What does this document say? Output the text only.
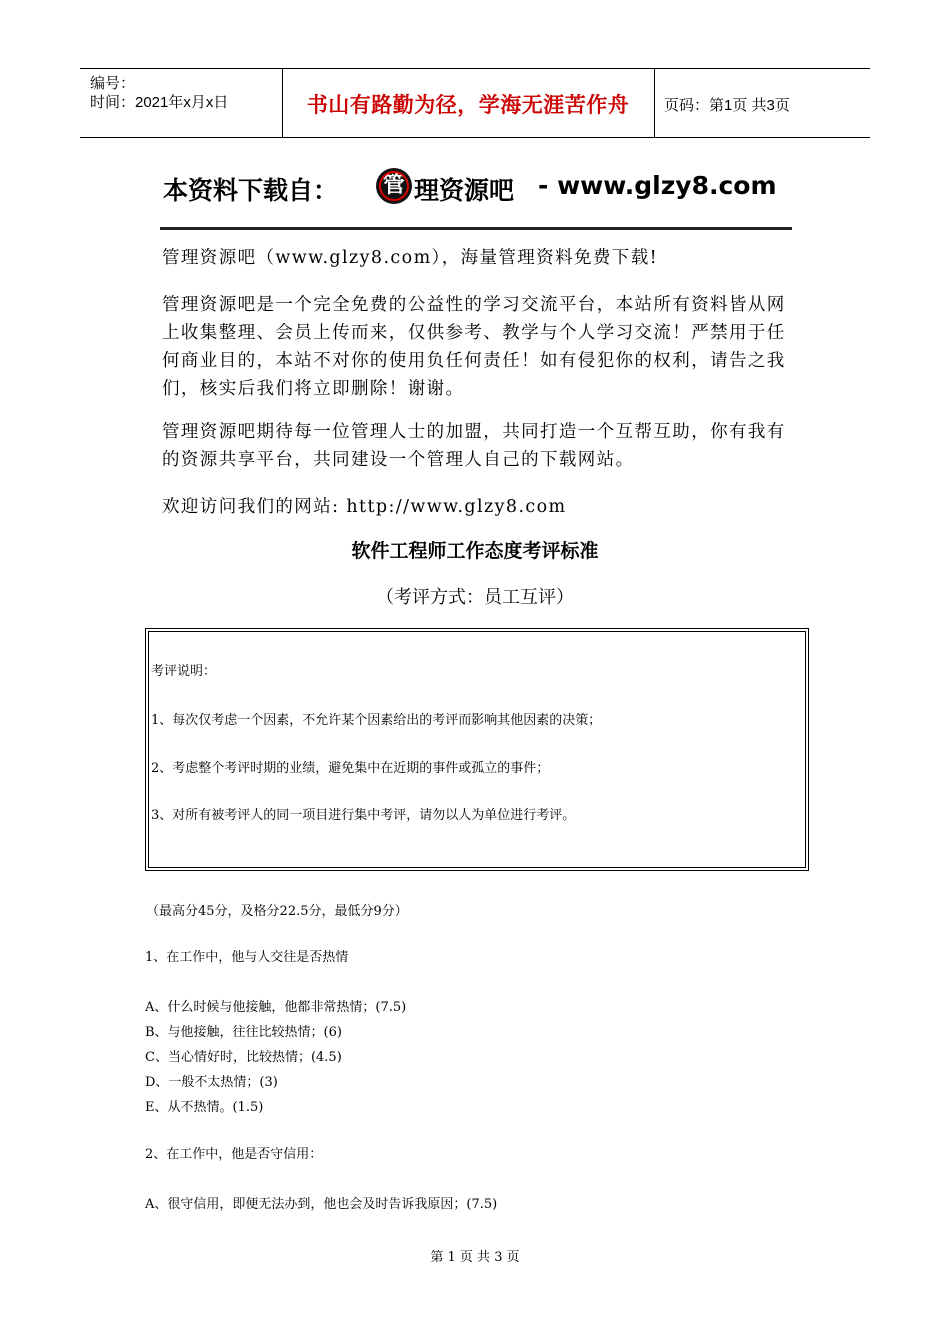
编号：
时间：2021年x月x日	书山有路勤为径，学海无涯苦作舟	页码：第1页 共3页
本资料下载自：	管 理资源吧 - www.glzy8.com
管理资源吧（www.glzy8.com），海量管理资料免费下载!
管理资源吧是一个完全免费的公益性的学习交流平台，本站所有资料皆从网上收集整理、会员上传而来，仅供参考、教学与个人学习交流！严禁用于任何商业目的，本站不对你的使用负任何责任！如有侵犯你的权利，请告之我们，核实后我们将立即删除！谢谢。
管理资源吧期待每一位管理人士的加盟，共同打造一个互帮互助，你有我有的资源共享平台，共同建设一个管理人自己的下载网站。
欢迎访问我们的网站: http://www.glzy8.com
软件工程师工作态度考评标准
（考评方式：员工互评）
考评说明：
1、每次仅考虑一个因素，不允许某个因素给出的考评而影响其他因素的决策；
2、考虑整个考评时期的业绩，避免集中在近期的事件或孤立的事件；
3、对所有被考评人的同一项目进行集中考评，请勿以人为单位进行考评。
（最高分45分，及格分22.5分，最低分9分）
1、在工作中，他与人交往是否热情
A、什么时候与他接触，他都非常热情；(7.5)
B、与他接触，往往比较热情；(6)
C、当心情好时，比较热情；(4.5)
D、一般不太热情；(3)
E、从不热情。(1.5)
2、在工作中，他是否守信用：
A、很守信用，即便无法办到，他也会及时告诉我原因；(7.5)
第 1 页 共 3 页
